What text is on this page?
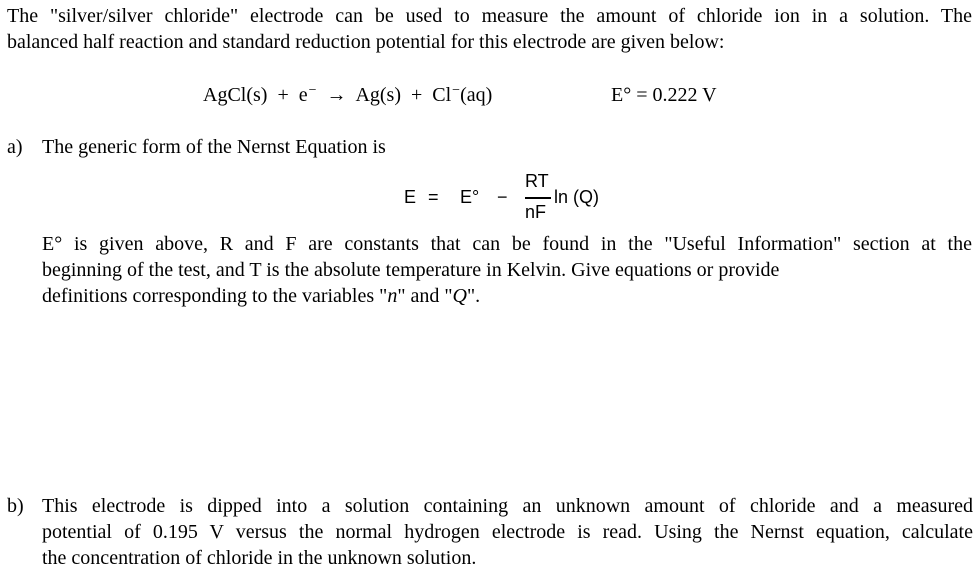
The "silver/silver chloride" electrode can be used to measure the amount of chloride ion in a solution. The
balanced half reaction and standard reduction potential for this electrode are given below:
AgCl(s) + e− → Ag(s) + Cl−(aq)	E° = 0.222 V
a) The generic form of the Nernst Equation is
E = E° −
RT
nF
ln (Q)
E° is given above, R and F are constants that can be found in the "Useful Information" section at the
beginning of the test, and T is the absolute temperature in Kelvin. Give equations or provide
definitions corresponding to the variables "n" and "Q".
b) This electrode is dipped into a solution containing an unknown amount of chloride and a measured
potential of 0.195 V versus the normal hydrogen electrode is read. Using the Nernst equation, calculate
the concentration of chloride in the unknown solution.
